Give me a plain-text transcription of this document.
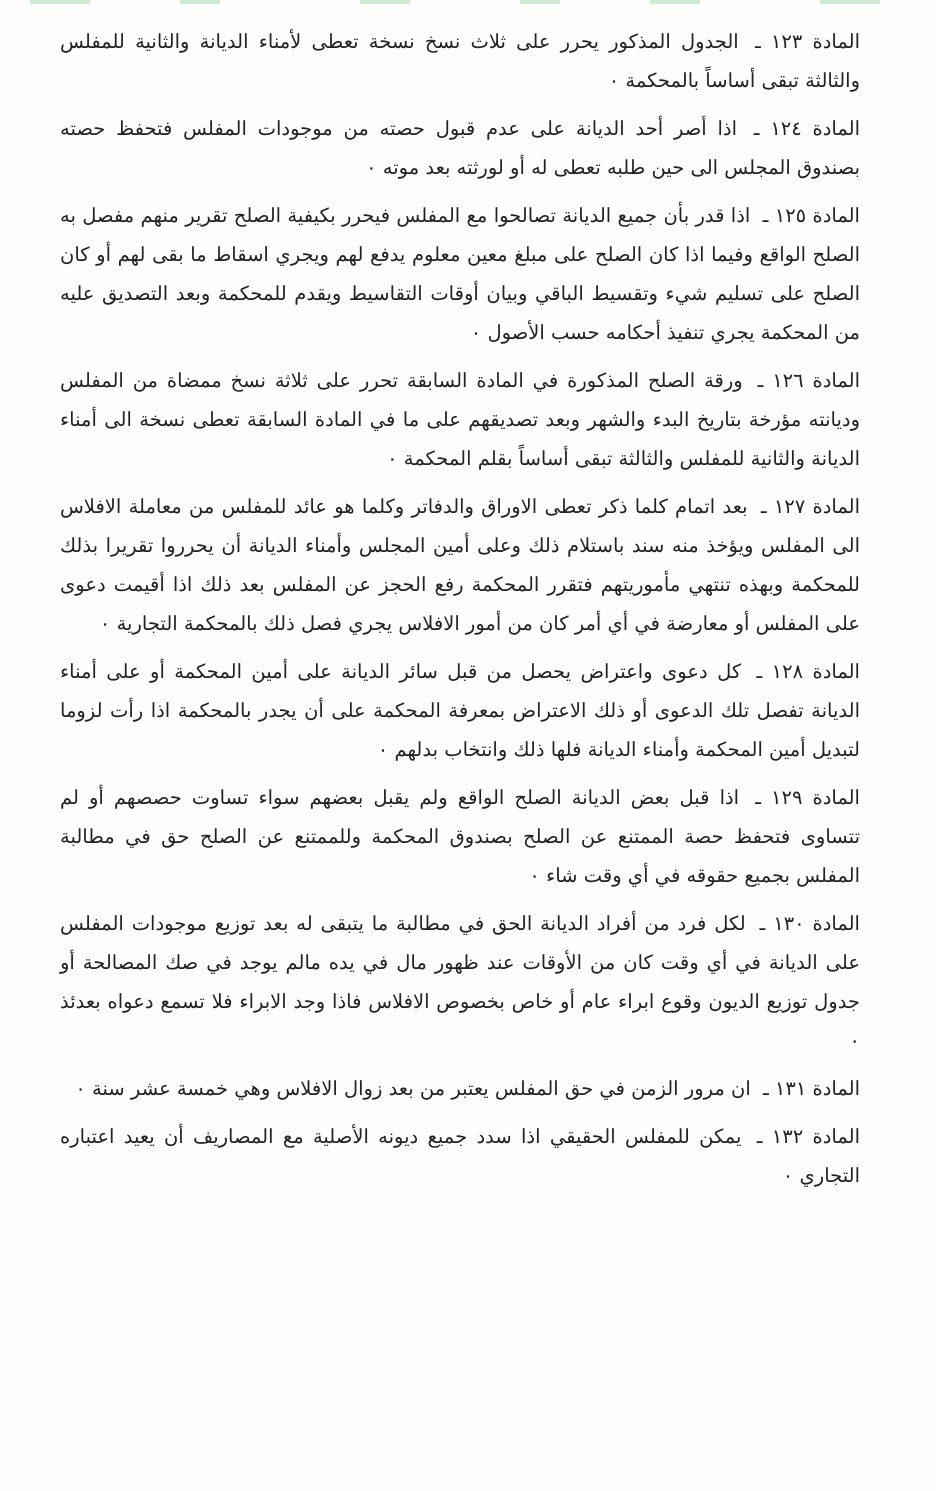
المادة ١٢٣ ـ الجدول المذكور يحرر على ثلاث نسخ نسخة تعطى لأمناء الديانة والثانية للمفلس والثالثة تبقى أساساً بالمحكمة ٠

المادة ١٢٤ ـ اذا أصر أحد الديانة على عدم قبول حصته من موجودات المفلس فتحفظ حصته بصندوق المجلس الى حين طلبه تعطى له أو لورثته بعد موته ٠

المادة ١٢٥ ـ اذا قدر بأن جميع الديانة تصالحوا مع المفلس فيحرر بكيفية الصلح تقرير منهم مفصل به الصلح الواقع وفيما اذا كان الصلح على مبلغ معين معلوم يدفع لهم ويجري اسقاط ما بقى لهم أو كان الصلح على تسليم شيء وتقسيط الباقي وبيان أوقات التقاسيط ويقدم للمحكمة وبعد التصديق عليه من المحكمة يجري تنفيذ أحكامه حسب الأصول ٠

المادة ١٢٦ ـ ورقة الصلح المذكورة في المادة السابقة تحرر على ثلاثة نسخ ممضاة من المفلس وديانته مؤرخة بتاريخ البدء والشهر وبعد تصديقهم على ما في المادة السابقة تعطى نسخة الى أمناء الديانة والثانية للمفلس والثالثة تبقى أساساً بقلم المحكمة ٠

المادة ١٢٧ ـ بعد اتمام كلما ذكر تعطى الاوراق والدفاتر وكلما هو عائد للمفلس من معاملة الافلاس الى المفلس ويؤخذ منه سند باستلام ذلك وعلى أمين المجلس وأمناء الديانة أن يحرروا تقريرا بذلك للمحكمة وبهذه تنتهي مأموريتهم فتقرر المحكمة رفع الحجز عن المفلس بعد ذلك اذا أقيمت دعوى على المفلس أو معارضة في أي أمر كان من أمور الافلاس يجري فصل ذلك بالمحكمة التجارية ٠

المادة ١٢٨ ـ كل دعوى واعتراض يحصل من قبل سائر الديانة على أمين المحكمة أو على أمناء الديانة تفصل تلك الدعوى أو ذلك الاعتراض بمعرفة المحكمة على أن يجدر بالمحكمة اذا رأت لزوما لتبديل أمين المحكمة وأمناء الديانة فلها ذلك وانتخاب بدلهم ٠

المادة ١٢٩ ـ اذا قبل بعض الديانة الصلح الواقع ولم يقبل بعضهم سواء تساوت حصصهم أو لم تتساوى فتحفظ حصة الممتنع عن الصلح بصندوق المحكمة وللممتنع عن الصلح حق في مطالبة المفلس بجميع حقوقه في أي وقت شاء ٠

المادة ١٣٠ ـ لكل فرد من أفراد الديانة الحق في مطالبة ما يتبقى له بعد توزيع موجودات المفلس على الديانة في أي وقت كان من الأوقات عند ظهور مال في يده مالم يوجد في صك المصالحة أو جدول توزيع الديون وقوع ابراء عام أو خاص بخصوص الافلاس فاذا وجد الابراء فلا تسمع دعواه بعدئذ ٠

المادة ١٣١ ـ ان مرور الزمن في حق المفلس يعتبر من بعد زوال الافلاس وهي خمسة عشر سنة ٠

المادة ١٣٢ ـ يمكن للمفلس الحقيقي اذا سدد جميع ديونه الأصلية مع المصاريف أن يعيد اعتباره التجاري ٠
